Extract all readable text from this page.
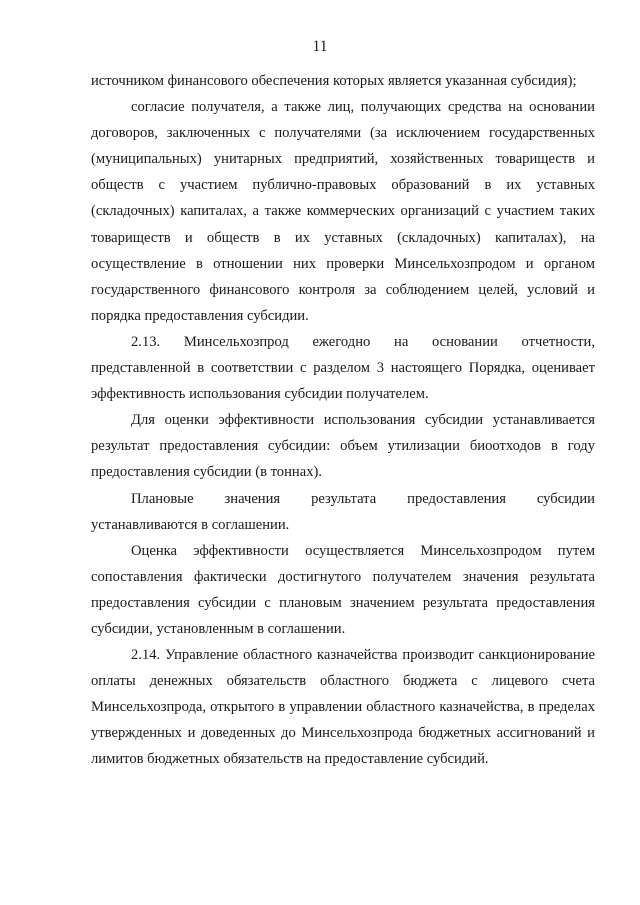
11

источником финансового обеспечения которых является указанная субсидия);

согласие получателя, а также лиц, получающих средства на основании договоров, заключенных с получателями (за исключением государственных (муниципальных) унитарных предприятий, хозяйственных товариществ и обществ с участием публично-правовых образований в их уставных (складочных) капиталах, а также коммерческих организаций с участием таких товариществ и обществ в их уставных (складочных) капиталах), на осуществление в отношении них проверки Минсельхозпродом и органом государственного финансового контроля за соблюдением целей, условий и порядка предоставления субсидии.

2.13. Минсельхозпрод ежегодно на основании отчетности, представленной в соответствии с разделом 3 настоящего Порядка, оценивает эффективность использования субсидии получателем.

Для оценки эффективности использования субсидии устанавливается результат предоставления субсидии: объем утилизации биоотходов в году предоставления субсидии (в тоннах).

Плановые значения результата предоставления субсидии устанавливаются в соглашении.

Оценка эффективности осуществляется Минсельхозпродом путем сопоставления фактически достигнутого получателем значения результата предоставления субсидии с плановым значением результата предоставления субсидии, установленным в соглашении.

2.14. Управление областного казначейства производит санкционирование оплаты денежных обязательств областного бюджета с лицевого счета Минсельхозпрода, открытого в управлении областного казначейства, в пределах утвержденных и доведенных до Минсельхозпрода бюджетных ассигнований и лимитов бюджетных обязательств на предоставление субсидий.
